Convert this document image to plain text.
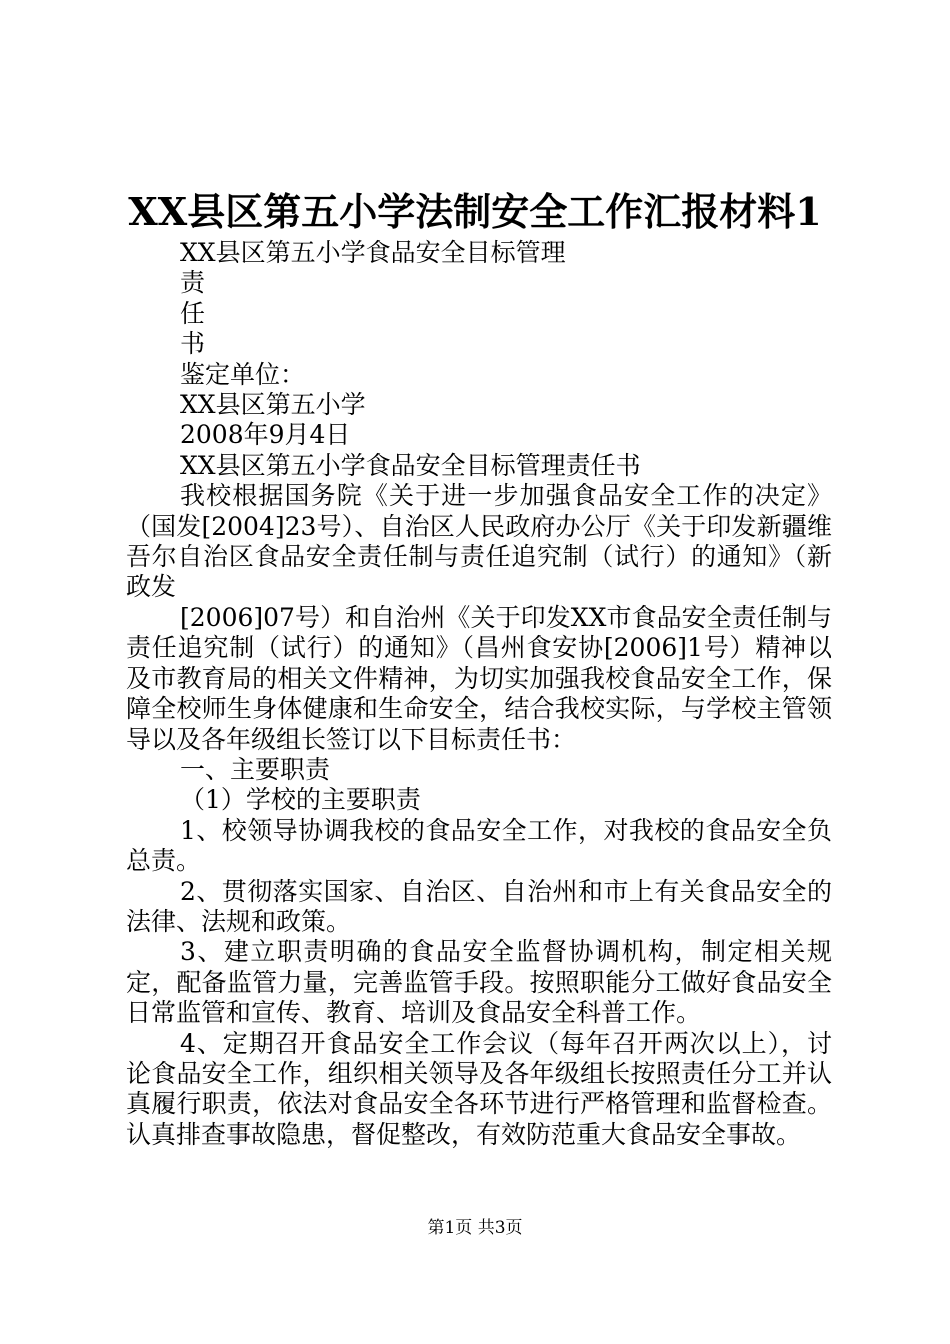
XX县区第五小学法制安全工作汇报材料1
XX县区第五小学食品安全目标管理
责
任
书
鉴定单位：
XX县区第五小学
2008年9月4日
XX县区第五小学食品安全目标管理责任书

我校根据国务院《关于进一步加强食品安全工作的决定》（国发[2004]23号）、自治区人民政府办公厅《关于印发新疆维吾尔自治区食品安全责任制与责任追究制（试行）的通知》（新政发

[2006]07号）和自治州《关于印发XX市食品安全责任制与责任追究制（试行）的通知》（昌州食安协[2006]1号）精神以及市教育局的相关文件精神，为切实加强我校食品安全工作，保障全校师生身体健康和生命安全，结合我校实际，与学校主管领导以及各年级组长签订以下目标责任书：

一、主要职责

（1）学校的主要职责

1、校领导协调我校的食品安全工作，对我校的食品安全负总责。

2、贯彻落实国家、自治区、自治州和市上有关食品安全的法律、法规和政策。

3、建立职责明确的食品安全监督协调机构，制定相关规定，配备监管力量，完善监管手段。按照职能分工做好食品安全日常监管和宣传、教育、培训及食品安全科普工作。

4、定期召开食品安全工作会议（每年召开两次以上），讨论食品安全工作，组织相关领导及各年级组长按照责任分工并认真履行职责，依法对食品安全各环节进行严格管理和监督检查。认真排查事故隐患，督促整改，有效防范重大食品安全事故。

第1页 共3页
